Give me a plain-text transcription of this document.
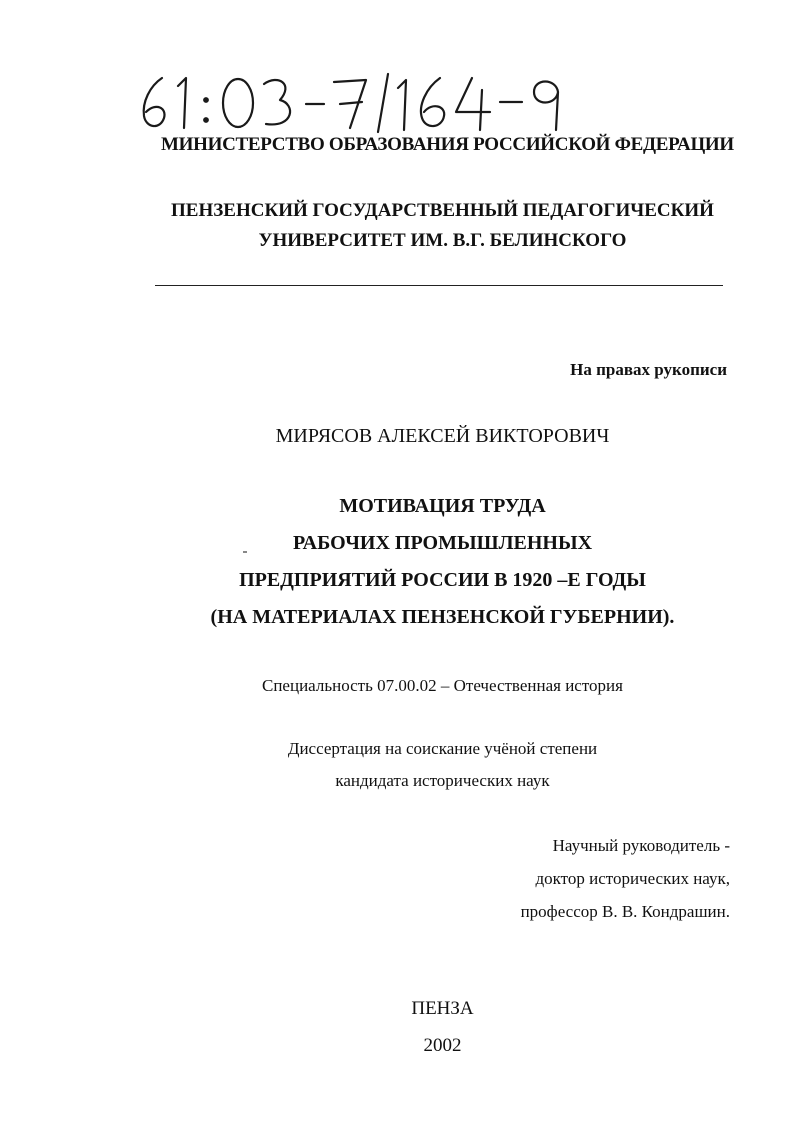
МИНИСТЕРСТВО ОБРАЗОВАНИЯ РОССИЙСКОЙ ФЕДЕРАЦИИ
ПЕНЗЕНСКИЙ ГОСУДАРСТВЕННЫЙ ПЕДАГОГИЧЕСКИЙ
УНИВЕРСИТЕТ ИМ. В.Г. БЕЛИНСКОГО
На правах рукописи
МИРЯСОВ АЛЕКСЕЙ ВИКТОРОВИЧ
МОТИВАЦИЯ ТРУДА
РАБОЧИХ ПРОМЫШЛЕННЫХ
ПРЕДПРИЯТИЙ РОССИИ В 1920 –Е ГОДЫ
(НА МАТЕРИАЛАХ ПЕНЗЕНСКОЙ ГУБЕРНИИ).
Специальность 07.00.02 – Отечественная история
Диссертация на соискание учёной степени
кандидата исторических наук
Научный руководитель -
доктор исторических наук,
профессор В. В. Кондрашин.
ПЕНЗА
2002
